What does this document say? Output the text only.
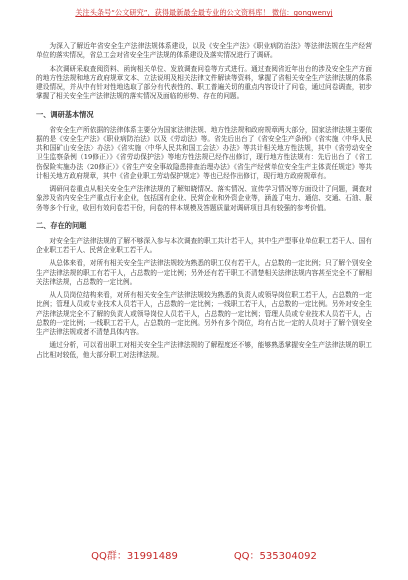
关注头条号“公文研究”，获得最新最全最专业的公文资料库！ 微信：gongwenyj

为深入了解近年省安全生产法律法规体系建设，以及《安全生产法》《职业病防治法》等法律法规在生产经营单位的落实情况，省总工会对省安全生产法规的体系建设及落实情况进行了调研。

本次调研采取查阅资料、函询相关单位、发放调查问卷等方式进行。通过查阅省近年出台的涉及安全生产方面的地方性法规和地方政府规章文本、立法说明及相关法律文件解读等资料，掌握了省相关安全生产法律法规的体系建设情况，并从中有针对性地选取了部分有代表性的、职工普遍关切的重点内容设计了问卷，通过问卷调查，初步掌握了相关安全生产法律法规的落实情况及面临的形势、存在的问题。

一、调研基本情况

省安全生产所依据的法律体系主要分为国家法律法规、地方性法规和政府规章两大部分，国家法律法规主要依据的是《安全生产法》《职业病防治法》以及《劳动法》等。省先后出台了《省安全生产条例》《省实施〈中华人民共和国矿山安全法〉办法》《省实施〈中华人民共和国工会法〉办法》等共计相关地方性法规，其中《省劳动安全卫生监察条例（19修正）》《省劳动保护法》等地方性法规已经作出修订，现行地方性法规有：先后出台了《省工伤保险实施办法（20修正）》《省生产安全事故隐患排查治理办法》《省生产经营单位安全生产主体责任规定》等共计相关地方政府规章，其中《省企业职工劳动保护规定》等也已经作出修订，现行地方政府规章有。

调研问卷重点从相关安全生产法律法规的了解知晓情况、落实情况、宣传学习情况等方面设计了问题，调查对象涉及省内安全生产重点行业企业，包括国有企业、民营企业和外资企业等，涵盖了电力、通信、交通、石油、服务等多个行业，收回有效问卷若干份，问卷的样本规模及答题质量对调研项目具有较强的参考价值。

二、存在的问题

对安全生产法律法规的了解不够深入参与本次调查的职工共计若干人，其中生产型事业单位职工若干人、国有企业职工若干人、民营企业职工若干人。

从总体来看，对所有相关安全生产法律法规较为熟悉的职工仅有若干人，占总数的一定比例；只了解个别安全生产法律法规的职工有若干人，占总数的一定比例；另外还有若干职工不清楚相关法律法规内容甚至完全不了解相关法律法规，占总数的一定比例。

从人员岗位结构来看，对所有相关安全生产法律法规较为熟悉的负责人或领导岗位职工若干人，占总数的一定比例；管理人员或专业技术人员若干人，占总数的一定比例；一线职工若干人，占总数的一定比例。另外对安全生产法律法规完全不了解的负责人或领导岗位人员若干人，占总数的一定比例；管理人员或专业技术人员若干人，占总数的一定比例；一线职工若干人，占总数的一定比例。另外有多个岗位，均有占比一定的人员对于了解个别安全生产法律法规或者不清楚具体内容。

通过分析，可以看出职工对相关安全生产法律法规的了解程度还不够，能够熟悉掌握安全生产法律法规的职工占比相对较低，他大部分职工对法律法规。

QQ群：31991489	QQ：535304092
